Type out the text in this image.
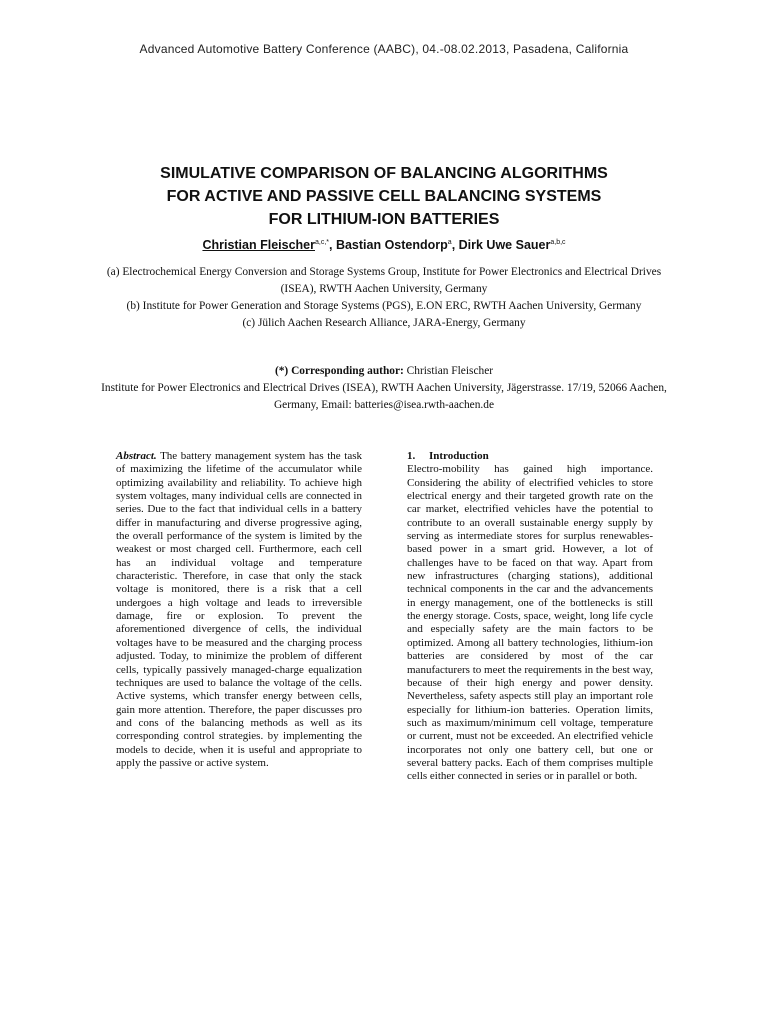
Advanced Automotive Battery Conference (AABC), 04.-08.02.2013, Pasadena, California
SIMULATIVE COMPARISON OF BALANCING ALGORITHMS
FOR ACTIVE AND PASSIVE CELL BALANCING SYSTEMS
FOR LITHIUM-ION BATTERIES
Christian Fleischer$^{a,c,*}$, Bastian Ostendorp$^a$, Dirk Uwe Sauer$^{a,b,c}$
(a) Electrochemical Energy Conversion and Storage Systems Group, Institute for Power Electronics and Electrical Drives (ISEA), RWTH Aachen University, Germany
(b) Institute for Power Generation and Storage Systems (PGS), E.ON ERC, RWTH Aachen University, Germany
(c) Jülich Aachen Research Alliance, JARA-Energy, Germany
(*) Corresponding author: Christian Fleischer
Institute for Power Electronics and Electrical Drives (ISEA), RWTH Aachen University, Jägerstrasse. 17/19, 52066 Aachen, Germany, Email: batteries@isea.rwth-aachen.de

Abstract. The battery management system has the task of maximizing the lifetime of the accumulator while optimizing availability and reliability. To achieve high system voltages, many individual cells are connected in series. Due to the fact that individual cells in a battery differ in manufacturing and diverse progressive aging, the overall performance of the system is limited by the weakest or most charged cell. Furthermore, each cell has an individual voltage and temperature characteristic. Therefore, in case that only the stack voltage is monitored, there is a risk that a cell undergoes a high voltage and leads to irreversible damage, fire or explosion. To prevent the aforementioned divergence of cells, the individual voltages have to be measured and the charging process adjusted. Today, to minimize the problem of different cells, typically passively managed-charge equalization techniques are used to balance the voltage of the cells. Active systems, which transfer energy between cells, gain more attention. Therefore, the paper discusses pro and cons of the balancing methods as well as its corresponding control strategies. by implementing the models to decide, when it is useful and appropriate to apply the passive or active system.

1. Introduction

Electro-mobility has gained high importance. Considering the ability of electrified vehicles to store electrical energy and their targeted growth rate on the car market, electrified vehicles have the potential to contribute to an overall sustainable energy supply by serving as intermediate stores for surplus renewables-based power in a smart grid. However, a lot of challenges have to be faced on that way. Apart from new infrastructures (charging stations), additional technical components in the car and the advancements in energy management, one of the bottlenecks is still the energy storage. Costs, space, weight, long life cycle and especially safety are the main factors to be optimized. Among all battery technologies, lithium-ion batteries are considered by most of the car manufacturers to meet the requirements in the best way, because of their high energy and power density. Nevertheless, safety aspects still play an important role especially for lithium-ion batteries. Operation limits, such as maximum/minimum cell voltage, temperature or current, must not be exceeded. An electrified vehicle incorporates not only one battery cell, but one or several battery packs. Each of them comprises multiple cells either connected in series or in parallel or both.
